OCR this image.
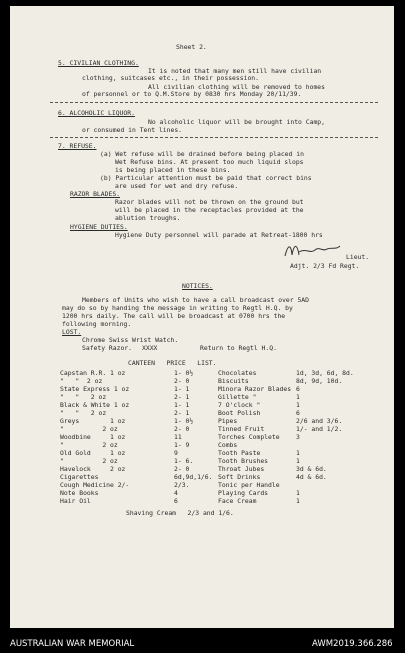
Sheet 2.
5. CIVILIAN CLOTHING.
It is noted that many men still have civilian
clothing, suitcases etc., in their possession.
All civilian clothing will be removed to homes
of personnel or to Q.M.Store by 0830 hrs Monday 20/11/39.
6. ALCOHOLIC LIQUOR.
No alcoholic liquor will be brought into Camp,
or consumed in Tent lines.
7. REFUSE.
(a) Wet refuse will be drained before being placed in
Wet Refuse bins. At present too much liquid slops
is being placed in these bins.
(b) Particular attention must be paid that correct bins
are used for wet and dry refuse.
RAZOR BLADES.
Razor blades will not be thrown on the ground but
will be placed in the receptacles provided at the
ablution troughs.
HYGIENE DUTIES.
Hygiene Duty personnel will parade at Retreat-1800 hrs
Lieut.
Adjt. 2/3 Fd Regt.
NOTICES.
Members of Units who wish to have a call broadcast over 5AD
may do so by handing the message in writing to Regtl H.Q. by
1200 hrs daily. The call will be broadcast at 0700 hrs the
following morning.
LOST.
Chrome Swiss Wrist Watch.
Safety Razor. XXXX	Return to Regtl H.Q.
CANTEEN   PRICE   LIST.
Capstan R.R. 1 oz	1- 0½
"   "  2 oz	2- 0
State Express 1 oz	1- 1
"   "   2 oz	2- 1
Black & White 1 oz	1- 1
"   "   2 oz	2- 1
Greys        1 oz	1- 0½
"          2 oz	2- 0
Woodbine     1 oz	11
"          2 oz	1- 9
Old Gold     1 oz	9
"          2 oz	1- 6.
Havelock     2 oz	2- 0
Cigarettes	6d,9d,1/6.
Cough Medicine 2/-	2/3.
Note Books	4
Hair Oil	6
Chocolates	1d, 3d, 6d, 8d.
Biscuits	8d, 9d, 10d.
Minora Razor Blades 6
Gillette "	1
7 O'clock "	1
Boot Polish	6
Pipes	2/6 and 3/6.
Tinned Fruit	1/- and 1/2.
Torches Complete	3
Combs
Tooth Paste	1
Tooth Brushes	1
Throat Jubes	3d & 6d.
Soft Drinks	4d & 6d.
Tonic per Handle
Playing Cards	1
Face Cream	1
Shaving Cream   2/3 and 1/6.
AUSTRALIAN WAR MEMORIAL	AWM2019.366.286
